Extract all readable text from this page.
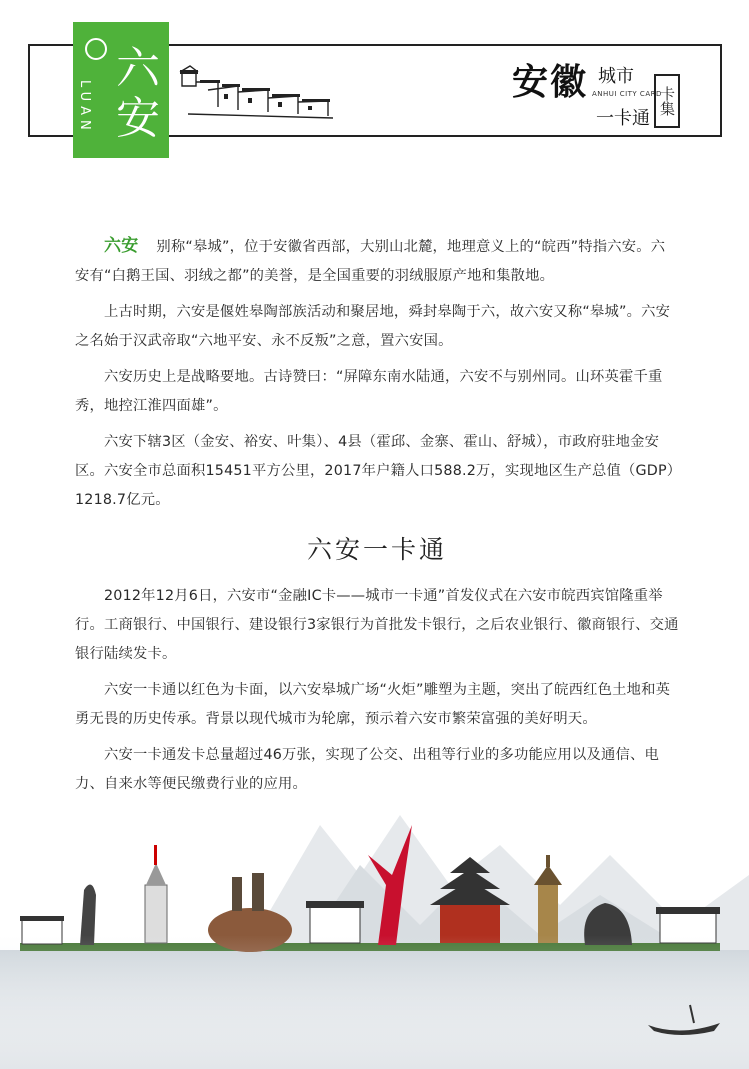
LUAN
六安
安徽 城市
ANHUI CITY CARD
一卡通
卡集

六安 别称“皋城”，位于安徽省西部，大别山北麓，地理意义上的“皖西”特指六安。六安有“白鹅王国、羽绒之都”的美誉，是全国重要的羽绒服原产地和集散地。

上古时期，六安是偃姓皋陶部族活动和聚居地，舜封皋陶于六，故六安又称“皋城”。六安之名始于汉武帝取“六地平安、永不反叛”之意，置六安国。

六安历史上是战略要地。古诗赞曰：“屏障东南水陆通，六安不与别州同。山环英霍千重秀，地控江淮四面雄”。

六安下辖3区（金安、裕安、叶集）、4县（霍邱、金寨、霍山、舒城），市政府驻地金安区。六安全市总面积15451平方公里，2017年户籍人口588.2万，实现地区生产总值（GDP）1218.7亿元。

六安一卡通

2012年12月6日，六安市“金融IC卡——城市一卡通”首发仪式在六安市皖西宾馆隆重举行。工商银行、中国银行、建设银行3家银行为首批发卡银行，之后农业银行、徽商银行、交通银行陆续发卡。

六安一卡通以红色为卡面，以六安皋城广场“火炬”雕塑为主题，突出了皖西红色土地和英勇无畏的历史传承。背景以现代城市为轮廓，预示着六安市繁荣富强的美好明天。

六安一卡通发卡总量超过46万张，实现了公交、出租等行业的多功能应用以及通信、电力、自来水等便民缴费行业的应用。
